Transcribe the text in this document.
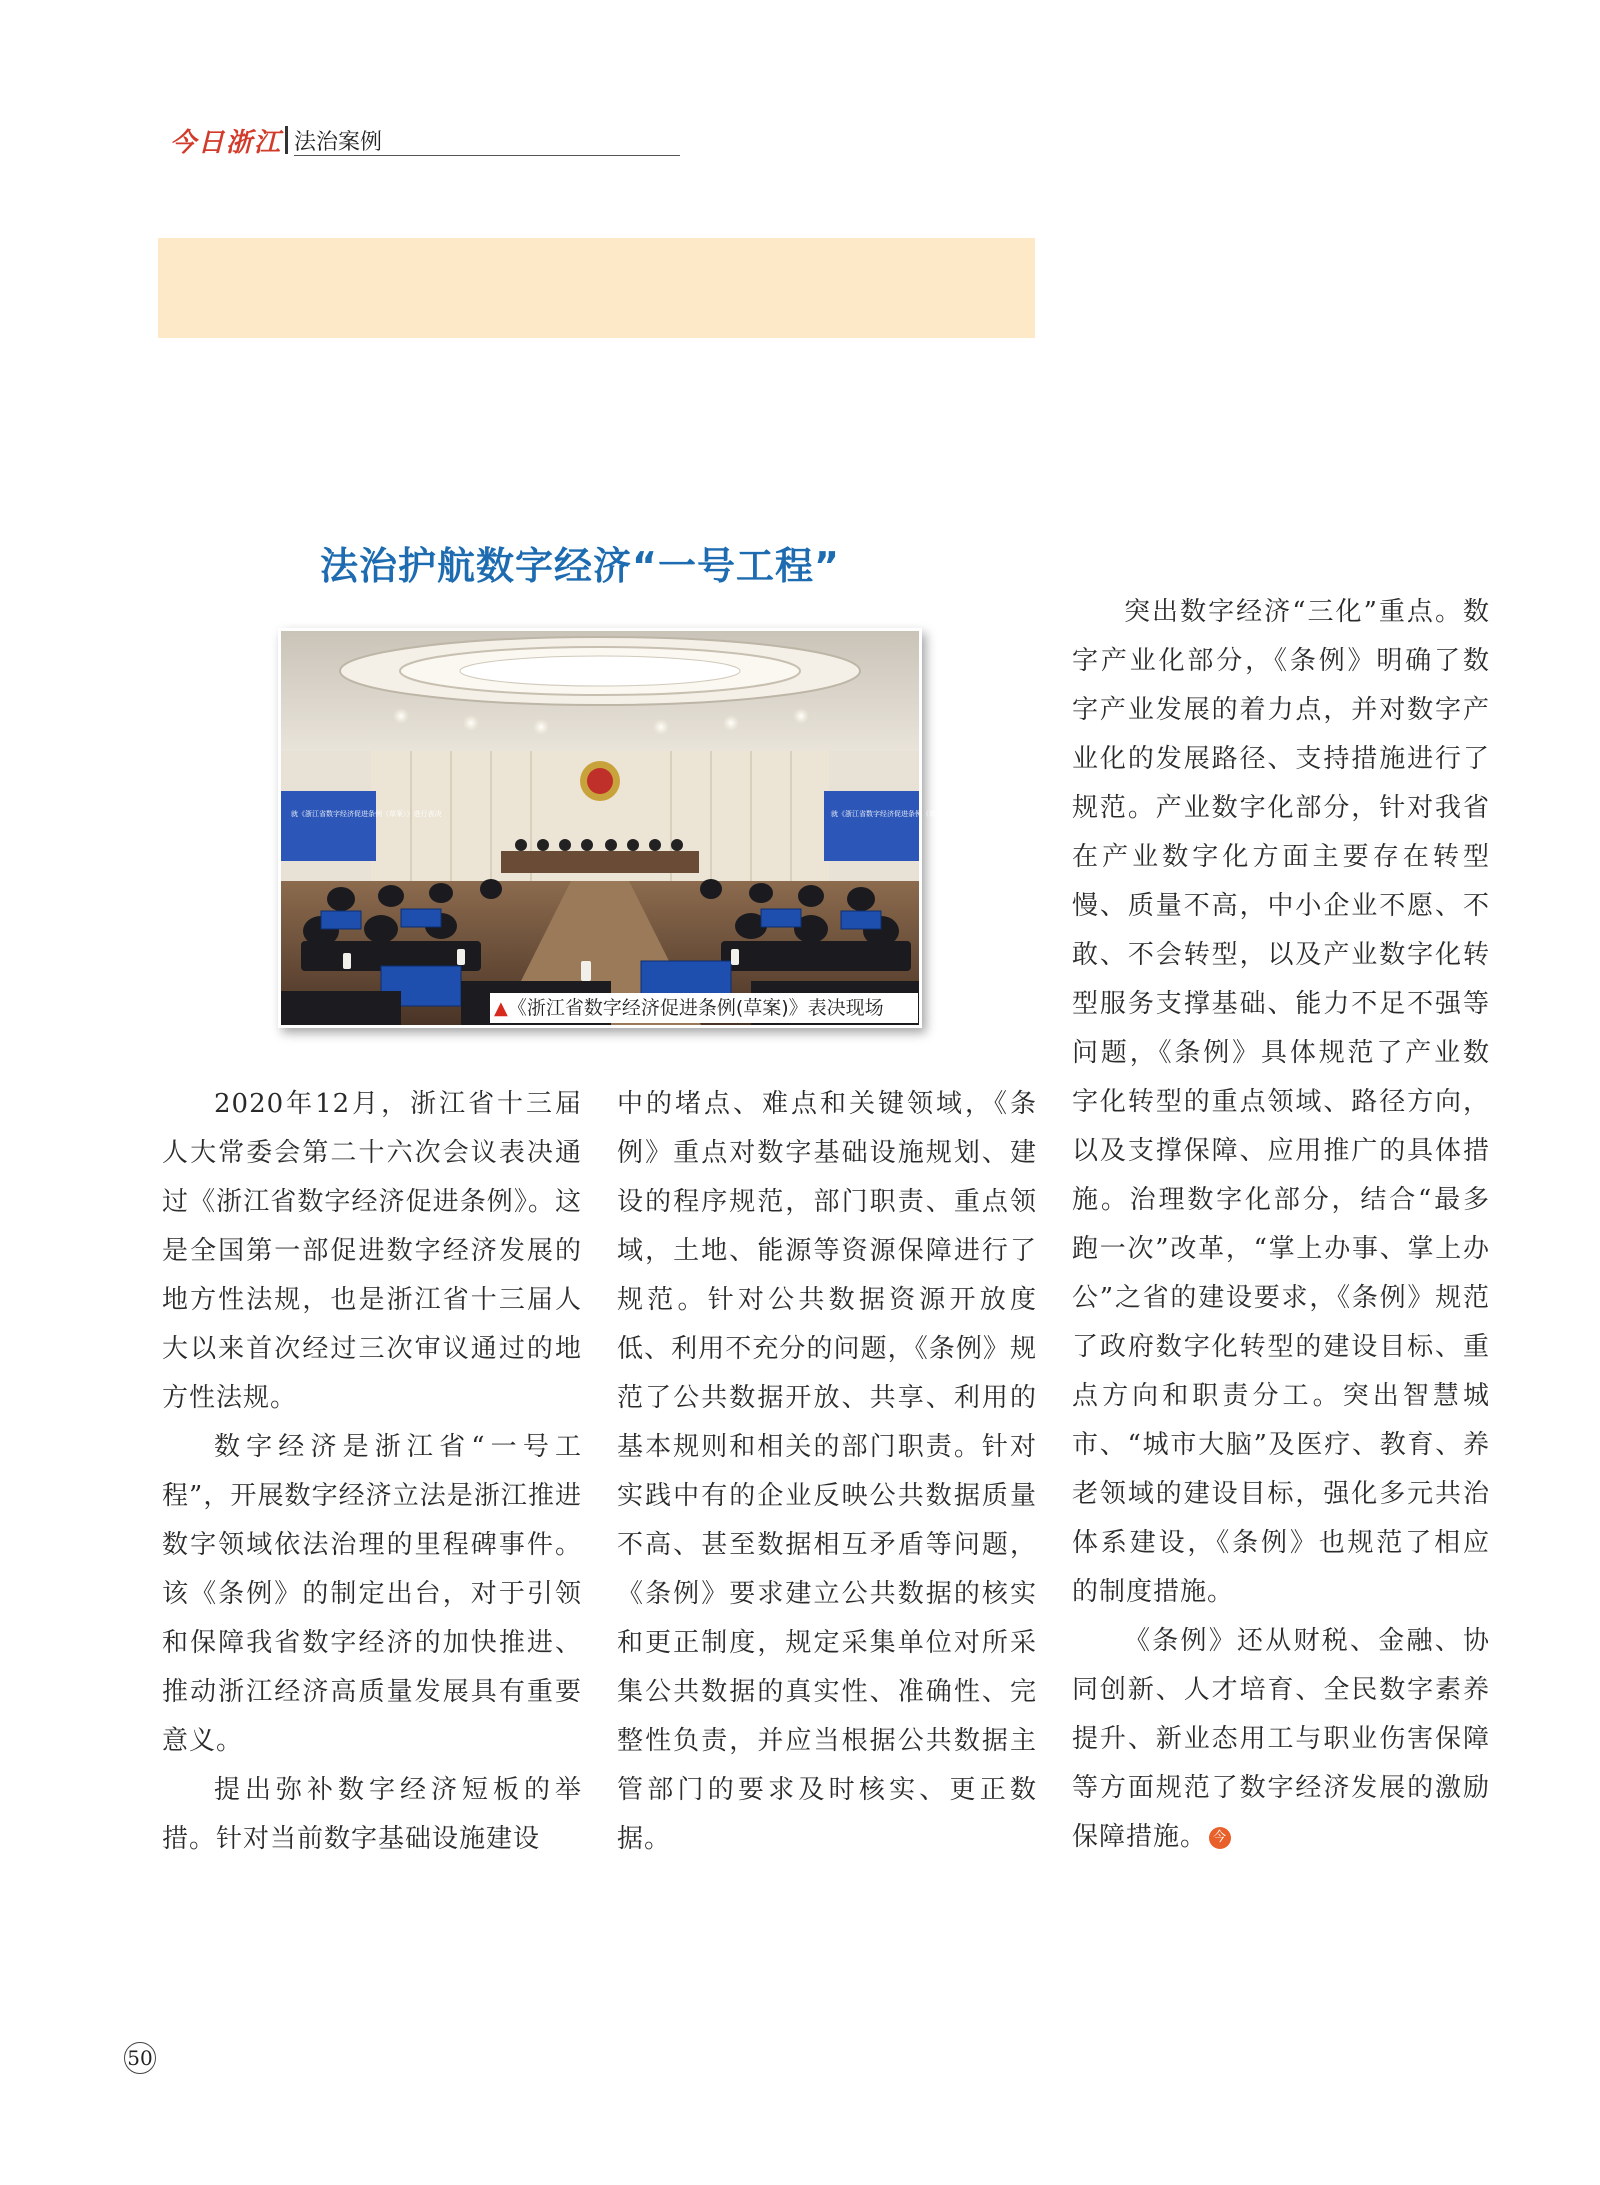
今日浙江 法治案例
法治护航数字经济“一号工程”
就《浙江省数字经济促进条例（草案）》进行表决	就《浙江省数字经济促进条例（草案）》进行表决
▲《浙江省数字经济促进条例(草案)》表决现场

2020年12月，浙江省十三届人大常委会第二十六次会议表决通过《浙江省数字经济促进条例》。这是全国第一部促进数字经济发展的地方性法规，也是浙江省十三届人大以来首次经过三次审议通过的地方性法规。

数字经济是浙江省“一号工程”，开展数字经济立法是浙江推进数字领域依法治理的里程碑事件。该《条例》的制定出台，对于引领和保障我省数字经济的加快推进、推动浙江经济高质量发展具有重要意义。

提出弥补数字经济短板的举措。针对当前数字基础设施建设

中的堵点、难点和关键领域，《条例》重点对数字基础设施规划、建设的程序规范，部门职责、重点领域，土地、能源等资源保障进行了规范。针对公共数据资源开放度低、利用不充分的问题，《条例》规范了公共数据开放、共享、利用的基本规则和相关的部门职责。针对实践中有的企业反映公共数据质量不高、甚至数据相互矛盾等问题，《条例》要求建立公共数据的核实和更正制度，规定采集单位对所采集公共数据的真实性、准确性、完整性负责，并应当根据公共数据主管部门的要求及时核实、更正数据。

突出数字经济“三化”重点。数字产业化部分，《条例》明确了数字产业发展的着力点，并对数字产业化的发展路径、支持措施进行了规范。产业数字化部分，针对我省在产业数字化方面主要存在转型慢、质量不高，中小企业不愿、不敢、不会转型，以及产业数字化转型服务支撑基础、能力不足不强等问题，《条例》具体规范了产业数字化转型的重点领域、路径方向，以及支撑保障、应用推广的具体措施。治理数字化部分，结合“最多跑一次”改革，“掌上办事、掌上办公”之省的建设要求，《条例》规范了政府数字化转型的建设目标、重点方向和职责分工。突出智慧城市、“城市大脑”及医疗、教育、养老领域的建设目标，强化多元共治体系建设，《条例》也规范了相应的制度措施。

《条例》还从财税、金融、协同创新、人才培育、全民数字素养提升、新业态用工与职业伤害保障等方面规范了数字经济发展的激励保障措施。 今

50
